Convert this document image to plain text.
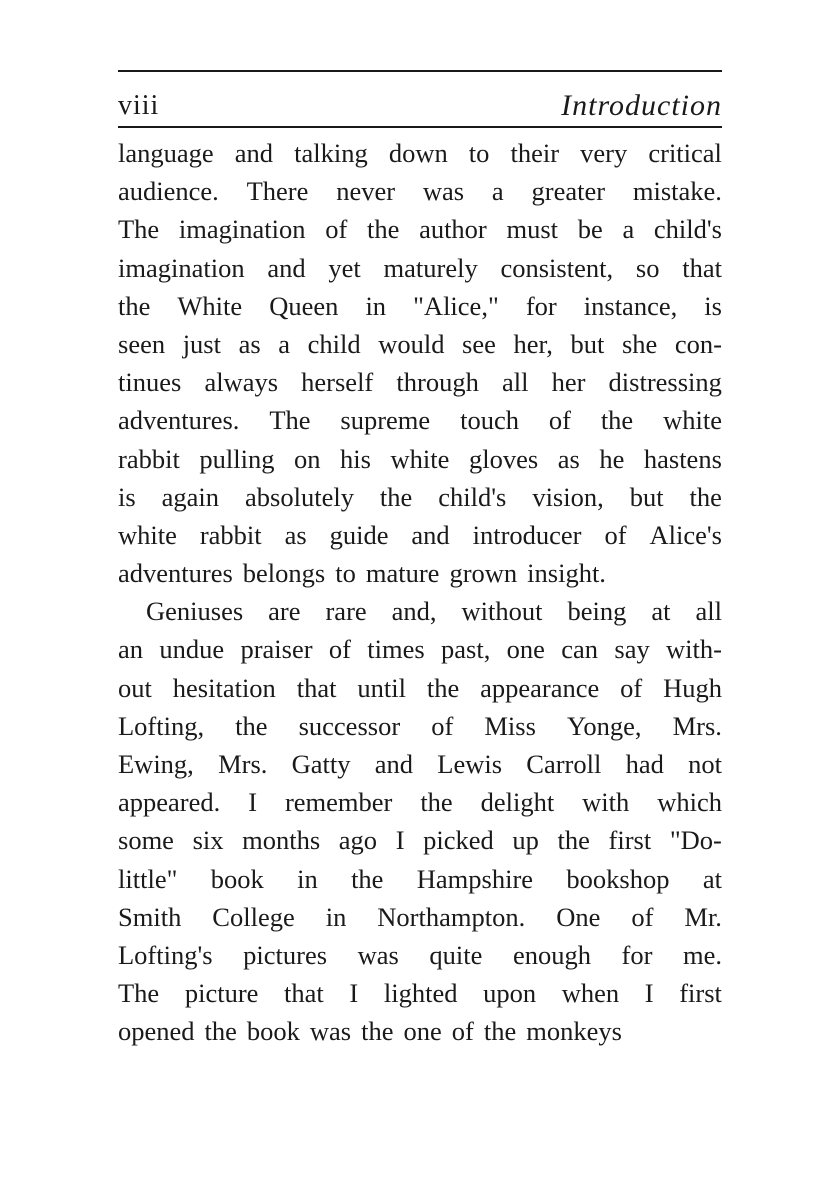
viii	Introduction
language and talking down to their very critical
audience. There never was a greater mistake.
The imagination of the author must be a child's
imagination and yet maturely consistent, so that
the White Queen in "Alice," for instance, is
seen just as a child would see her, but she con-
tinues always herself through all her distressing
adventures. The supreme touch of the white
rabbit pulling on his white gloves as he hastens
is again absolutely the child's vision, but the
white rabbit as guide and introducer of Alice's
adventures belongs to mature grown insight.
Geniuses are rare and, without being at all
an undue praiser of times past, one can say with-
out hesitation that until the appearance of Hugh
Lofting, the successor of Miss Yonge, Mrs.
Ewing, Mrs. Gatty and Lewis Carroll had not
appeared. I remember the delight with which
some six months ago I picked up the first "Do-
little" book in the Hampshire bookshop at
Smith College in Northampton. One of Mr.
Lofting's pictures was quite enough for me.
The picture that I lighted upon when I first
opened the book was the one of the monkeys
